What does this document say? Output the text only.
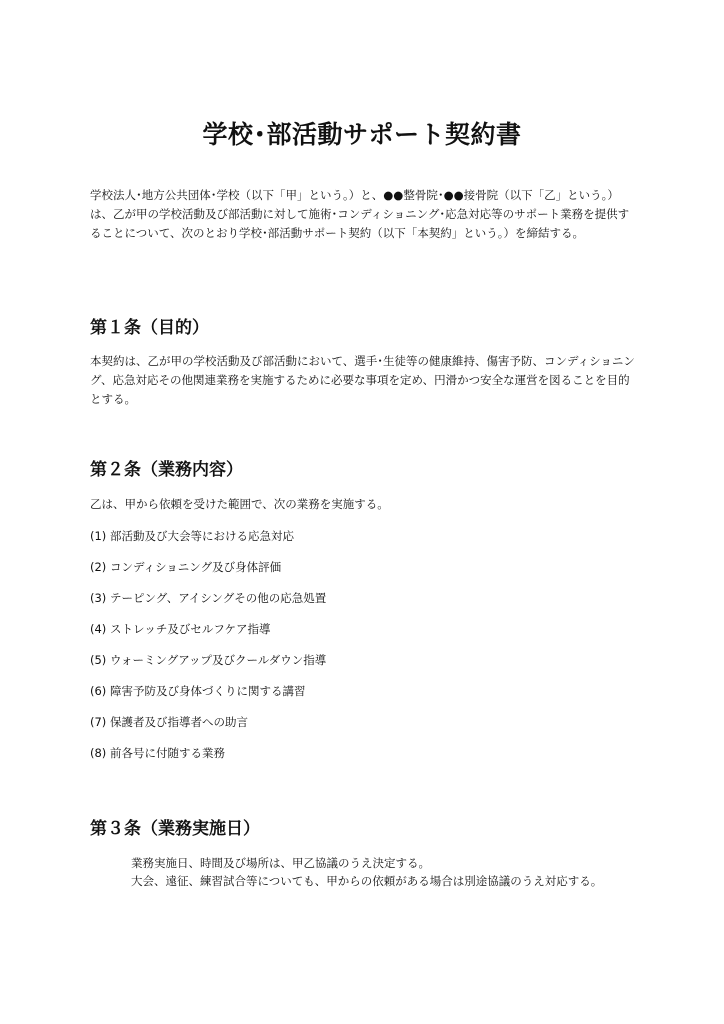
学校･部活動サポート契約書

学校法人･地方公共団体･学校（以下「甲」という。）と、●●整骨院･●●接骨院（以下「乙」という。）は、乙が甲の学校活動及び部活動に対して施術･コンディショニング･応急対応等のサポート業務を提供することについて、次のとおり学校･部活動サポート契約（以下「本契約」という。）を締結する。

第１条（目的）

本契約は、乙が甲の学校活動及び部活動において、選手･生徒等の健康維持、傷害予防、コンディショニング、応急対応その他関連業務を実施するために必要な事項を定め、円滑かつ安全な運営を図ることを目的とする。

第２条（業務内容）

乙は、甲から依頼を受けた範囲で、次の業務を実施する。

(1) 部活動及び大会等における応急対応

(2) コンディショニング及び身体評価

(3) テーピング、アイシングその他の応急処置

(4) ストレッチ及びセルフケア指導

(5) ウォーミングアップ及びクールダウン指導

(6) 障害予防及び身体づくりに関する講習

(7) 保護者及び指導者への助言

(8) 前各号に付随する業務

第３条（業務実施日）

業務実施日、時間及び場所は、甲乙協議のうえ決定する。

大会、遠征、練習試合等についても、甲からの依頼がある場合は別途協議のうえ対応する。
